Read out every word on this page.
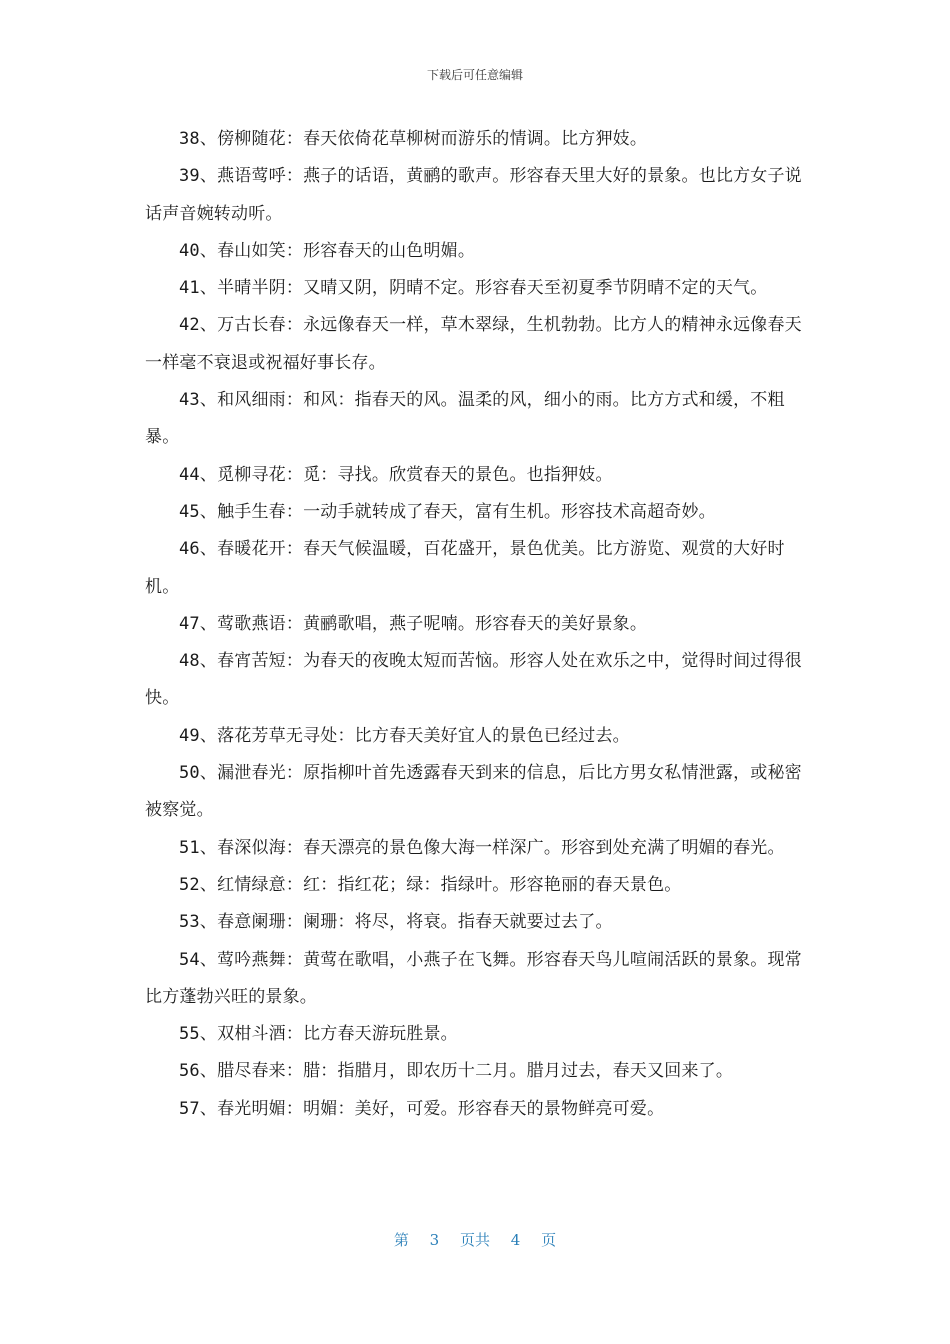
下载后可任意编辑

38、傍柳随花：春天依倚花草柳树而游乐的情调。比方狎妓。

39、燕语莺呼：燕子的话语，黄鹂的歌声。形容春天里大好的景象。也比方女子说话声音婉转动听。

40、春山如笑：形容春天的山色明媚。

41、半晴半阴：又晴又阴，阴晴不定。形容春天至初夏季节阴晴不定的天气。

42、万古长春：永远像春天一样，草木翠绿，生机勃勃。比方人的精神永远像春天一样毫不衰退或祝福好事长存。

43、和风细雨：和风：指春天的风。温柔的风，细小的雨。比方方式和缓，不粗暴。

44、觅柳寻花：觅：寻找。欣赏春天的景色。也指狎妓。

45、触手生春：一动手就转成了春天，富有生机。形容技术高超奇妙。

46、春暖花开：春天气候温暖，百花盛开，景色优美。比方游览、观赏的大好时机。

47、莺歌燕语：黄鹂歌唱，燕子呢喃。形容春天的美好景象。

48、春宵苦短：为春天的夜晚太短而苦恼。形容人处在欢乐之中，觉得时间过得很快。

49、落花芳草无寻处：比方春天美好宜人的景色已经过去。

50、漏泄春光：原指柳叶首先透露春天到来的信息，后比方男女私情泄露，或秘密被察觉。

51、春深似海：春天漂亮的景色像大海一样深广。形容到处充满了明媚的春光。

52、红情绿意：红：指红花；绿：指绿叶。形容艳丽的春天景色。

53、春意阑珊：阑珊：将尽，将衰。指春天就要过去了。

54、莺吟燕舞：黄莺在歌唱，小燕子在飞舞。形容春天鸟儿喧闹活跃的景象。现常比方蓬勃兴旺的景象。

55、双柑斗酒：比方春天游玩胜景。

56、腊尽春来：腊：指腊月，即农历十二月。腊月过去，春天又回来了。

57、春光明媚：明媚：美好，可爱。形容春天的景物鲜亮可爱。

第 3 页共 4 页
